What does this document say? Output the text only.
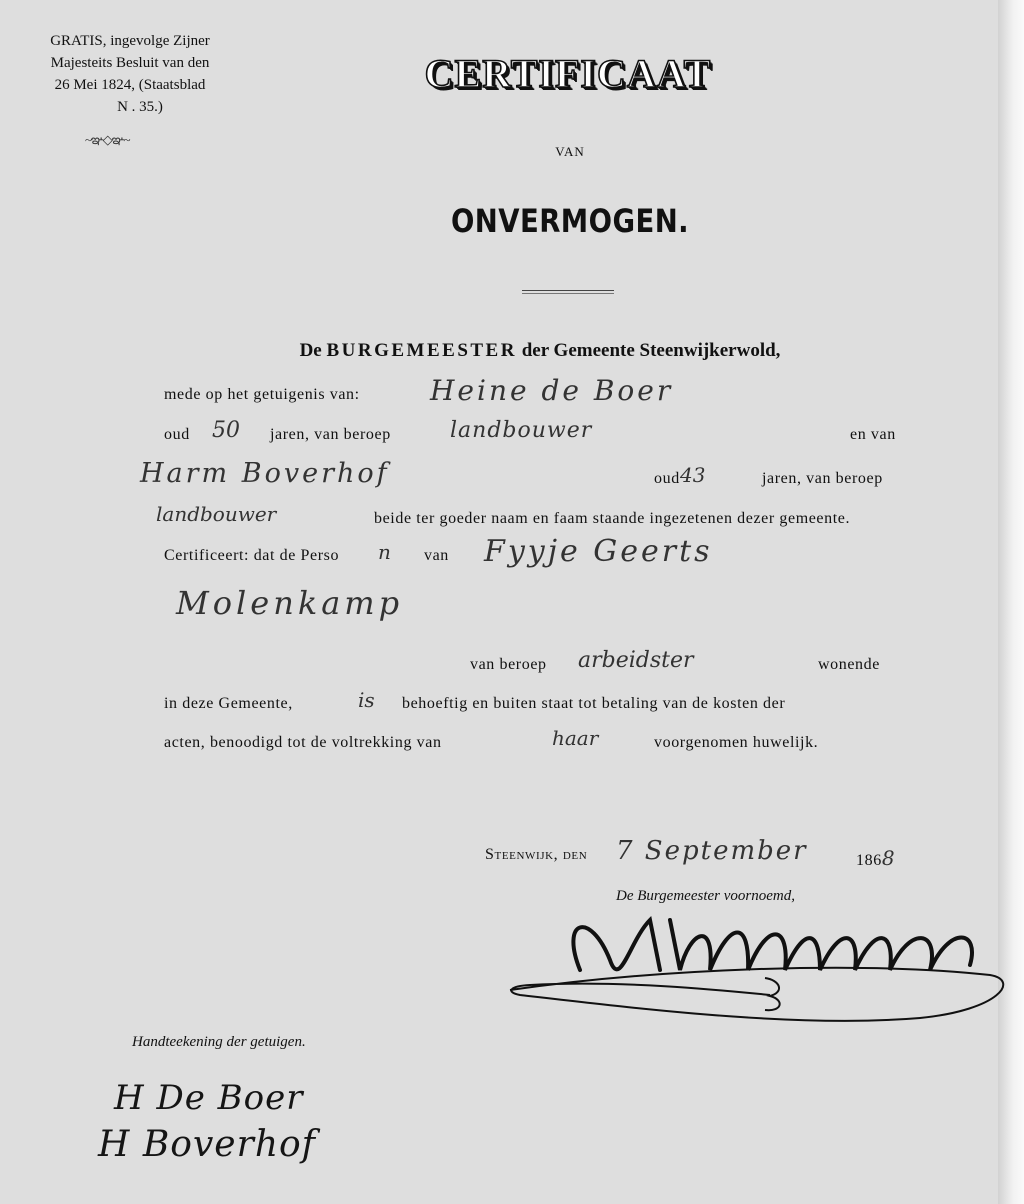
GRATIS, ingevolge Zijner
Majesteits Besluit van den
26 Mei 1824, (Staatsblad
N . 35.)
~ఞ◇ఞ~
CERTIFICAAT
VAN
ONVERMOGEN.
De BURGEMEESTER der Gemeente Steenwijkerwold,
mede op het getuigenis van:	Heine de Boer
oud 50 jaren, van beroep	landbouwer	en van
Harm Boverhof	oud 43	jaren, van beroep
landbouwer	beide ter goeder naam en faam staande ingezetenen dezer gemeente.
Certificeert: dat de Perso n van Fyyje Geerts
Molenkamp
van beroep arbeidster	wonende
in deze Gemeente,	is behoeftig en buiten staat tot betaling van de kosten der
acten, benoodigd tot de voltrekking van	haar	voorgenomen huwelijk.
Steenwijk, den 7 September	1868
De Burgemeester voornoemd,
Handteekening der getuigen.
H De Boer
H Boverhof
